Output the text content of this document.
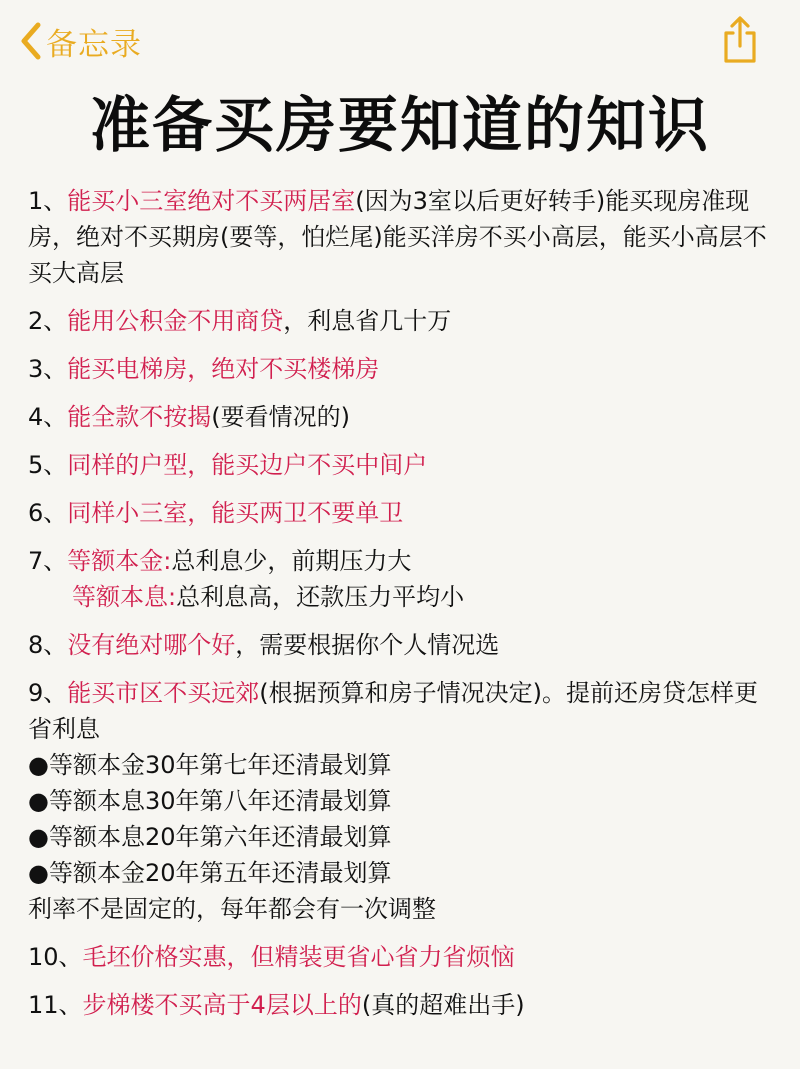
备忘录
准备买房要知道的知识
1、能买小三室绝对不买两居室(因为3室以后更好转手)能买现房准现房，绝对不买期房(要等，怕烂尾)能买洋房不买小高层，能买小高层不买大高层
2、能用公积金不用商贷，利息省几十万
3、能买电梯房，绝对不买楼梯房
4、能全款不按揭(要看情况的)
5、同样的户型，能买边户不买中间户
6、同样小三室，能买两卫不要单卫
7、等额本金:总利息少，前期压力大
等额本息:总利息高，还款压力平均小
8、没有绝对哪个好，需要根据你个人情况选
9、能买市区不买远郊(根据预算和房子情况决定)。提前还房贷怎样更省利息
●等额本金30年第七年还清最划算
●等额本息30年第八年还清最划算
●等额本息20年第六年还清最划算
●等额本金20年第五年还清最划算
利率不是固定的，每年都会有一次调整
10、毛坯价格实惠，但精装更省心省力省烦恼
11、步梯楼不买高于4层以上的(真的超难出手)
